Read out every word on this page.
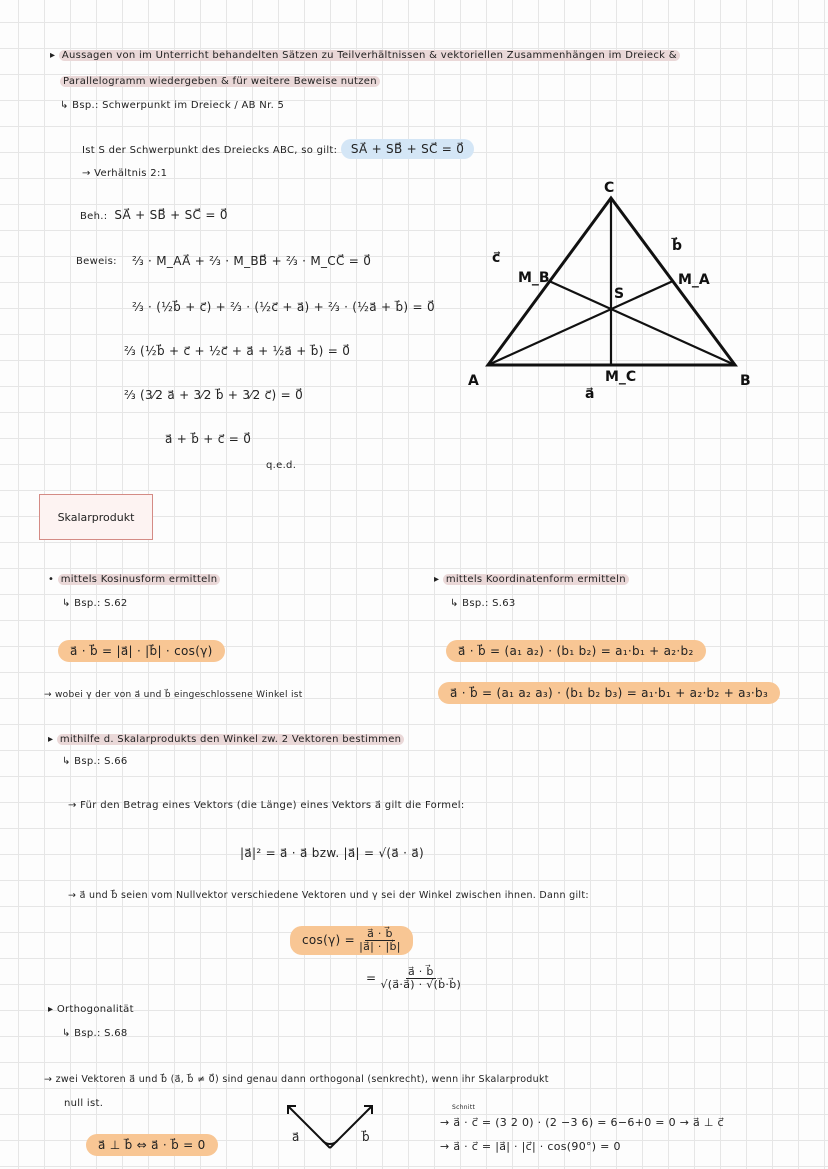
A	B
C
S
M_A
M_B
M_C
a⃗
b⃗
c⃗
▸ Aussagen von im Unterricht behandelten Sätzen zu Teilverhältnissen & vektoriellen Zusammenhängen im Dreieck &
Parallelogramm wiedergeben & für weitere Beweise nutzen
↳ Bsp.: Schwerpunkt im Dreieck / AB Nr. 5
Ist S der Schwerpunkt des Dreiecks ABC, so gilt: SA⃗ + SB⃗ + SC⃗ = 0⃗
→ Verhältnis 2:1
Beh.: SA⃗ + SB⃗ + SC⃗ = 0⃗
Beweis: ⅔ · M_AA⃗ + ⅔ · M_BB⃗ + ⅔ · M_CC⃗ = 0⃗
⅔ · (½b⃗ + c⃗) + ⅔ · (½c⃗ + a⃗) + ⅔ · (½a⃗ + b⃗) = 0⃗
⅔ (½b⃗ + c⃗ + ½c⃗ + a⃗ + ½a⃗ + b⃗) = 0⃗
⅔ (3⁄2 a⃗ + 3⁄2 b⃗ + 3⁄2 c⃗) = 0⃗
a⃗ + b⃗ + c⃗ = 0⃗
q.e.d.
Skalarprodukt
• mittels Kosinusform ermitteln
↳ Bsp.: S.62
a⃗ · b⃗ = |a⃗| · |b⃗| · cos(γ)
→ wobei γ der von a⃗ und b⃗ eingeschlossene Winkel ist
▸ mittels Koordinatenform ermitteln
↳ Bsp.: S.63
a⃗ · b⃗ = (a₁ a₂) · (b₁ b₂) = a₁·b₁ + a₂·b₂
a⃗ · b⃗ = (a₁ a₂ a₃) · (b₁ b₂ b₃) = a₁·b₁ + a₂·b₂ + a₃·b₃
▸ mithilfe d. Skalarprodukts den Winkel zw. 2 Vektoren bestimmen
↳ Bsp.: S.66
→ Für den Betrag eines Vektors (die Länge) eines Vektors a⃗ gilt die Formel:
|a⃗|² = a⃗ · a⃗ bzw. |a⃗| = √(a⃗ · a⃗)
→ a⃗ und b⃗ seien vom Nullvektor verschiedene Vektoren und γ sei der Winkel zwischen ihnen. Dann gilt:
$\cos(\gamma) = \frac{a⃗ \cdot b⃗}{|a⃗| \cdot |b⃗|}$
= $\frac{a⃗ \cdot b⃗}{√(a⃗\cdot a⃗) \cdot √(b⃗\cdot b⃗)}$
▸ Orthogonalität
↳ Bsp.: S.68
→ zwei Vektoren a⃗ und b⃗ (a⃗, b⃗ ≠ 0⃗) sind genau dann orthogonal (senkrecht), wenn ihr Skalarprodukt
null ist.
a⃗ ⊥ b⃗ ⇔ a⃗ · b⃗ = 0
a⃗	b⃗
Schnitt
→ a⃗ · c⃗ = (3 2 0) · (2 −3 6) = 6−6+0 = 0 → a⃗ ⊥ c⃗
→ a⃗ · c⃗ = |a⃗| · |c⃗| · cos(90°) = 0
